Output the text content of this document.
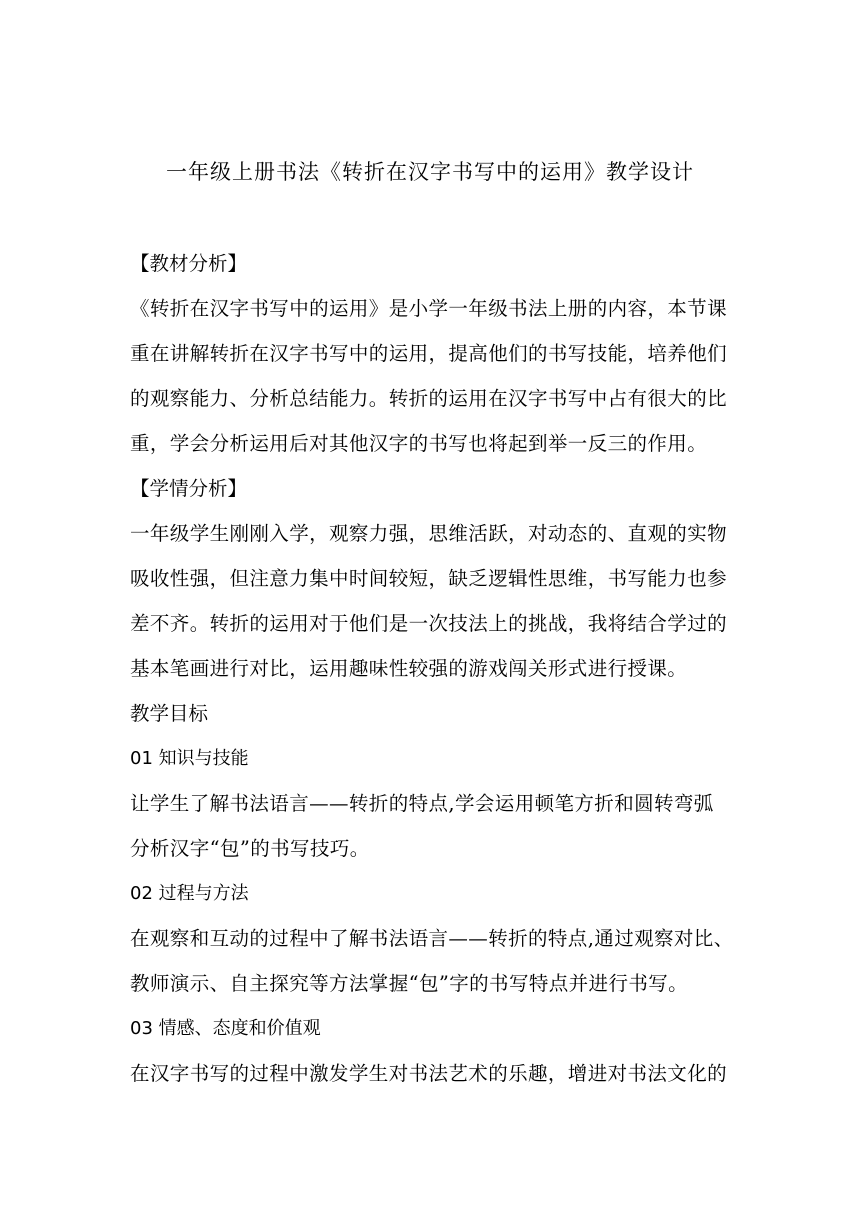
一年级上册书法《转折在汉字书写中的运用》教学设计
【教材分析】
《转折在汉字书写中的运用》是小学一年级书法上册的内容，本节课
重在讲解转折在汉字书写中的运用，提高他们的书写技能，培养他们
的观察能力、分析总结能力。转折的运用在汉字书写中占有很大的比
重，学会分析运用后对其他汉字的书写也将起到举一反三的作用。
【学情分析】
一年级学生刚刚入学，观察力强，思维活跃，对动态的、直观的实物
吸收性强，但注意力集中时间较短，缺乏逻辑性思维，书写能力也参
差不齐。转折的运用对于他们是一次技法上的挑战，我将结合学过的
基本笔画进行对比，运用趣味性较强的游戏闯关形式进行授课。
教学目标
01 知识与技能
让学生了解书法语言——转折的特点,学会运用顿笔方折和圆转弯弧
分析汉字“包”的书写技巧。
02 过程与方法
在观察和互动的过程中了解书法语言——转折的特点,通过观察对比、
教师演示、自主探究等方法掌握“包”字的书写特点并进行书写。
03 情感、态度和价值观
在汉字书写的过程中激发学生对书法艺术的乐趣，增进对书法文化的
